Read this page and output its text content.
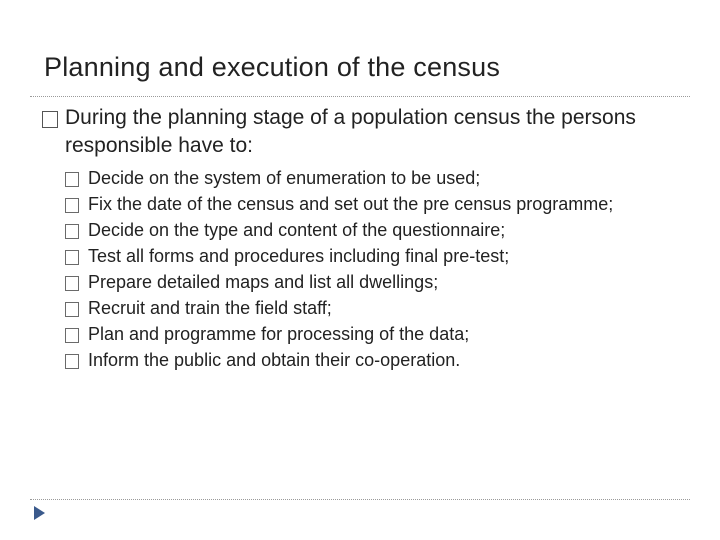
Planning and execution of the census
During the planning stage of a population census the persons responsible have to:
Decide on the system of enumeration to be used;
Fix the date of the census and set out the pre census programme;
Decide on the type and content of the questionnaire;
Test all forms and procedures including final pre-test;
Prepare detailed maps and list all dwellings;
Recruit and train the field staff;
Plan and programme for processing of the data;
Inform the public and obtain their co-operation.
